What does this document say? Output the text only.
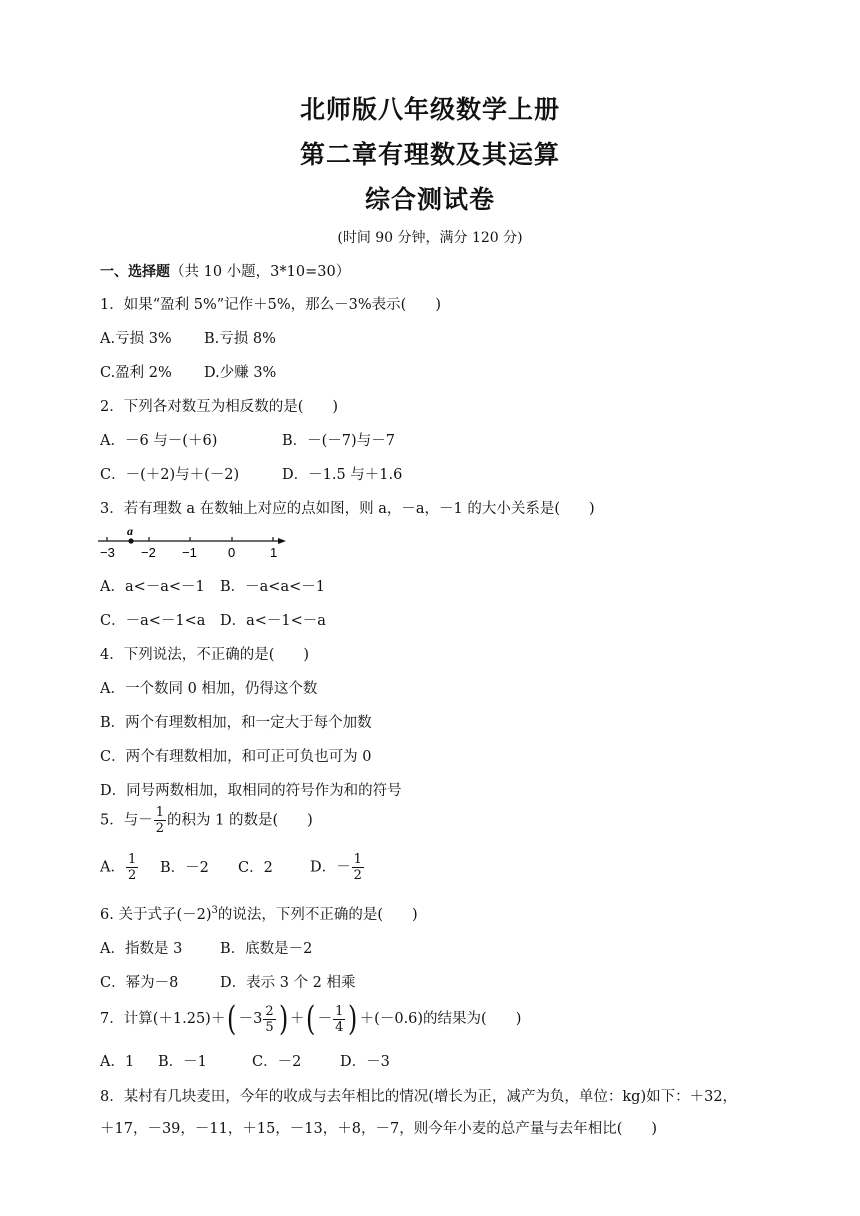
北师版八年级数学上册
第二章有理数及其运算
综合测试卷
(时间 90 分钟，满分 120 分)
一、选择题（共 10 小题，3*10=30）
1．如果“盈利 5%”记作＋5%，那么－3%表示(　　)
A.亏损 3% B.亏损 8%
C.盈利 2% D.少赚 3%
2．下列各对数互为相反数的是(　　)
A．－6 与－(＋6)	B．－(－7)与－7
C．－(＋2)与＋(－2)	D．－1.5 与＋1.6
3．若有理数 a 在数轴上对应的点如图，则 a，－a，－1 的大小关系是(　　)
a
−3 −2 −1 0	1
A．a<－a<－1 B．－a<a<－1
C．－a<－1<a D．a<－1<－a
4．下列说法，不正确的是(　　)
A．一个数同 0 相加，仍得这个数
B．两个有理数相加，和一定大于每个加数
C．两个有理数相加，和可正可负也可为 0
D．同号两数相加，取相同的符号作为和的符号
5．与－ $\frac{1}{2}$ 的积为 1 的数是(　　)
A． $\frac{1}{2}$ B．－2 C．2	D．－ $\frac{1}{2}$
6. 关于式子$(-2)^3$的说法，下列不正确的是(　　)
A．指数是 3	B．底数是－2
C．幂为－8	D．表示 3 个 2 相乘
7．计算$(+1.25)+( -3 \frac{2}{5}$ ) ＋( － $\frac{1}{4}$ ) ＋(－0.6)的结果为(　　)
A．1 B．－1	C．－2	D．－3
8．某村有几块麦田，今年的收成与去年相比的情况(增长为正，减产为负，单位：kg)如下：＋32，
＋17，－39，－11，＋15，－13，＋8，－7，则今年小麦的总产量与去年相比(　　)
